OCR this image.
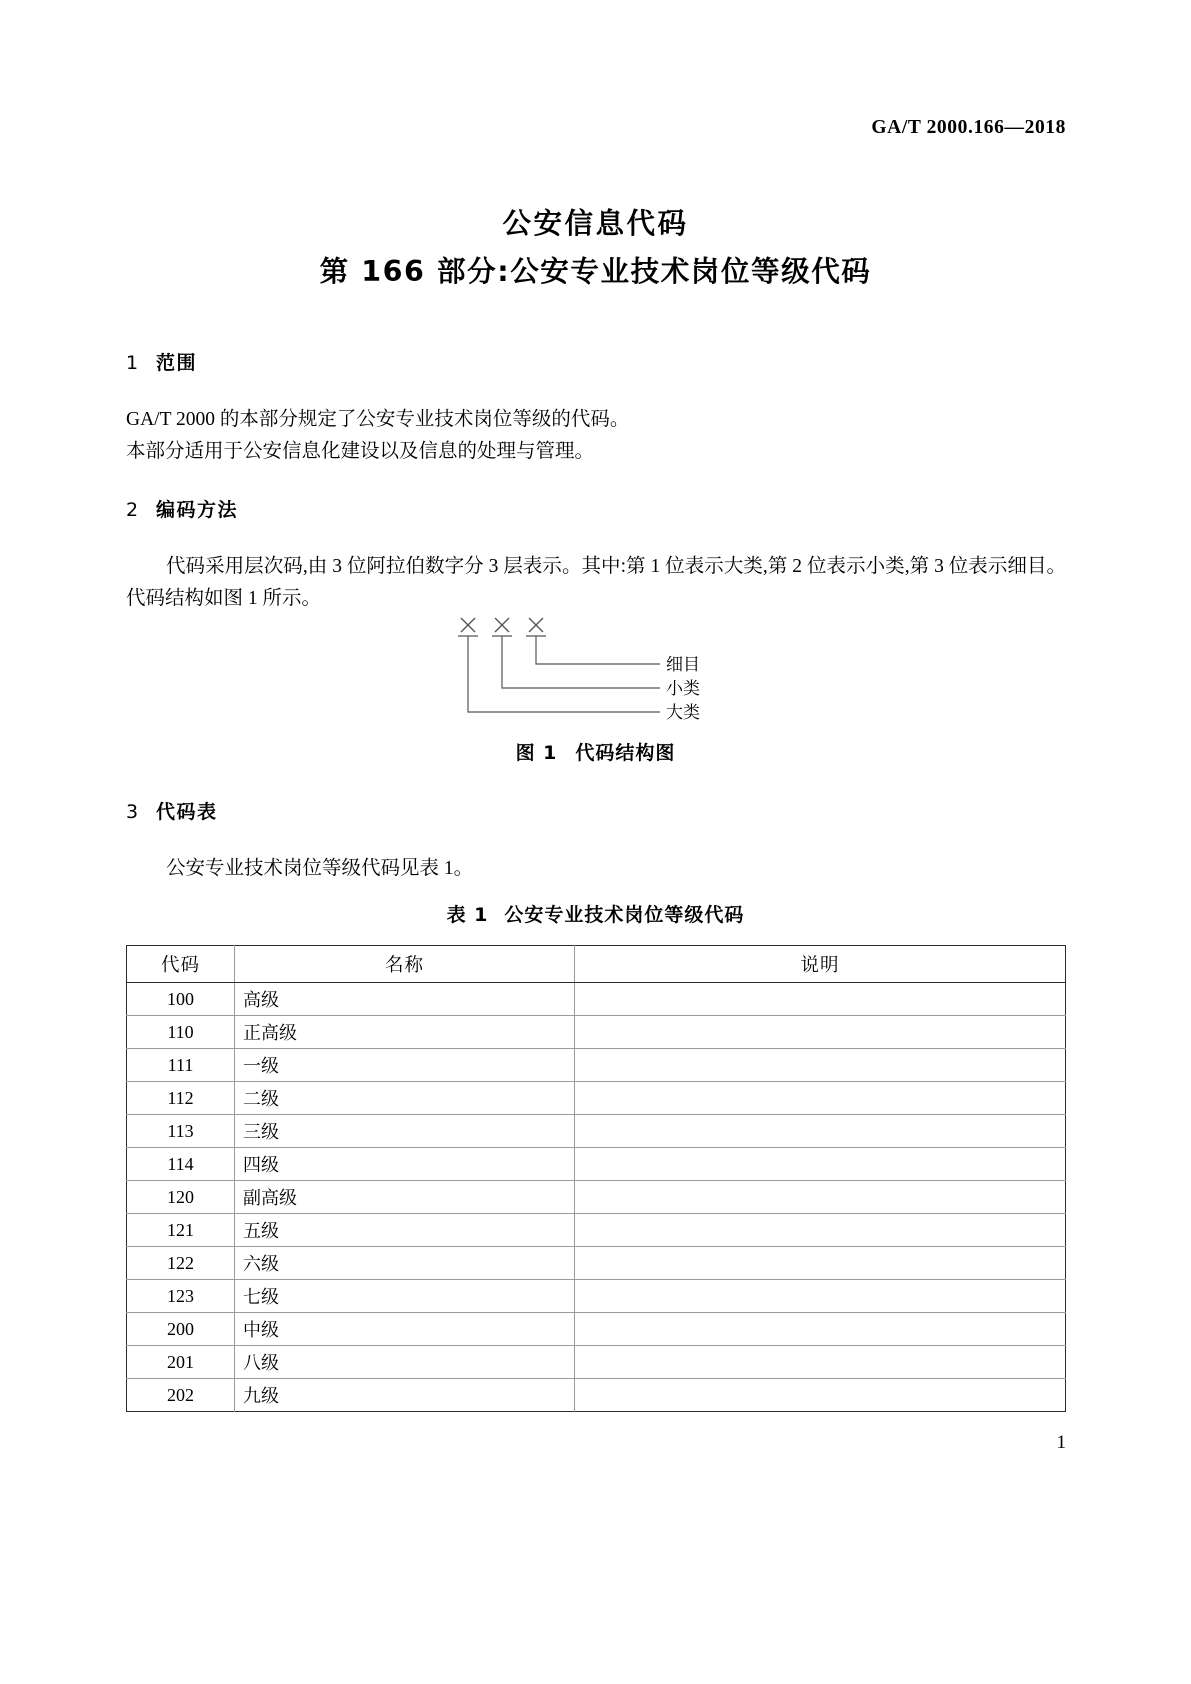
GA/T 2000.166—2018
公安信息代码
第 166 部分:公安专业技术岗位等级代码
1 范围
GA/T 2000 的本部分规定了公安专业技术岗位等级的代码。
本部分适用于公安信息化建设以及信息的处理与管理。
2 编码方法
代码采用层次码,由 3 位阿拉伯数字分 3 层表示。其中:第 1 位表示大类,第 2 位表示小类,第 3 位表示细目。代码结构如图 1 所示。
细目
小类
大类
图 1 代码结构图
3 代码表
公安专业技术岗位等级代码见表 1。
表 1 公安专业技术岗位等级代码
代码	名称	说明
100	高级	
110	正高级	
111	一级	
112	二级	
113	三级	
114	四级	
120	副高级	
121	五级	
122	六级	
123	七级	
200	中级	
201	八级	
202	九级	
1
